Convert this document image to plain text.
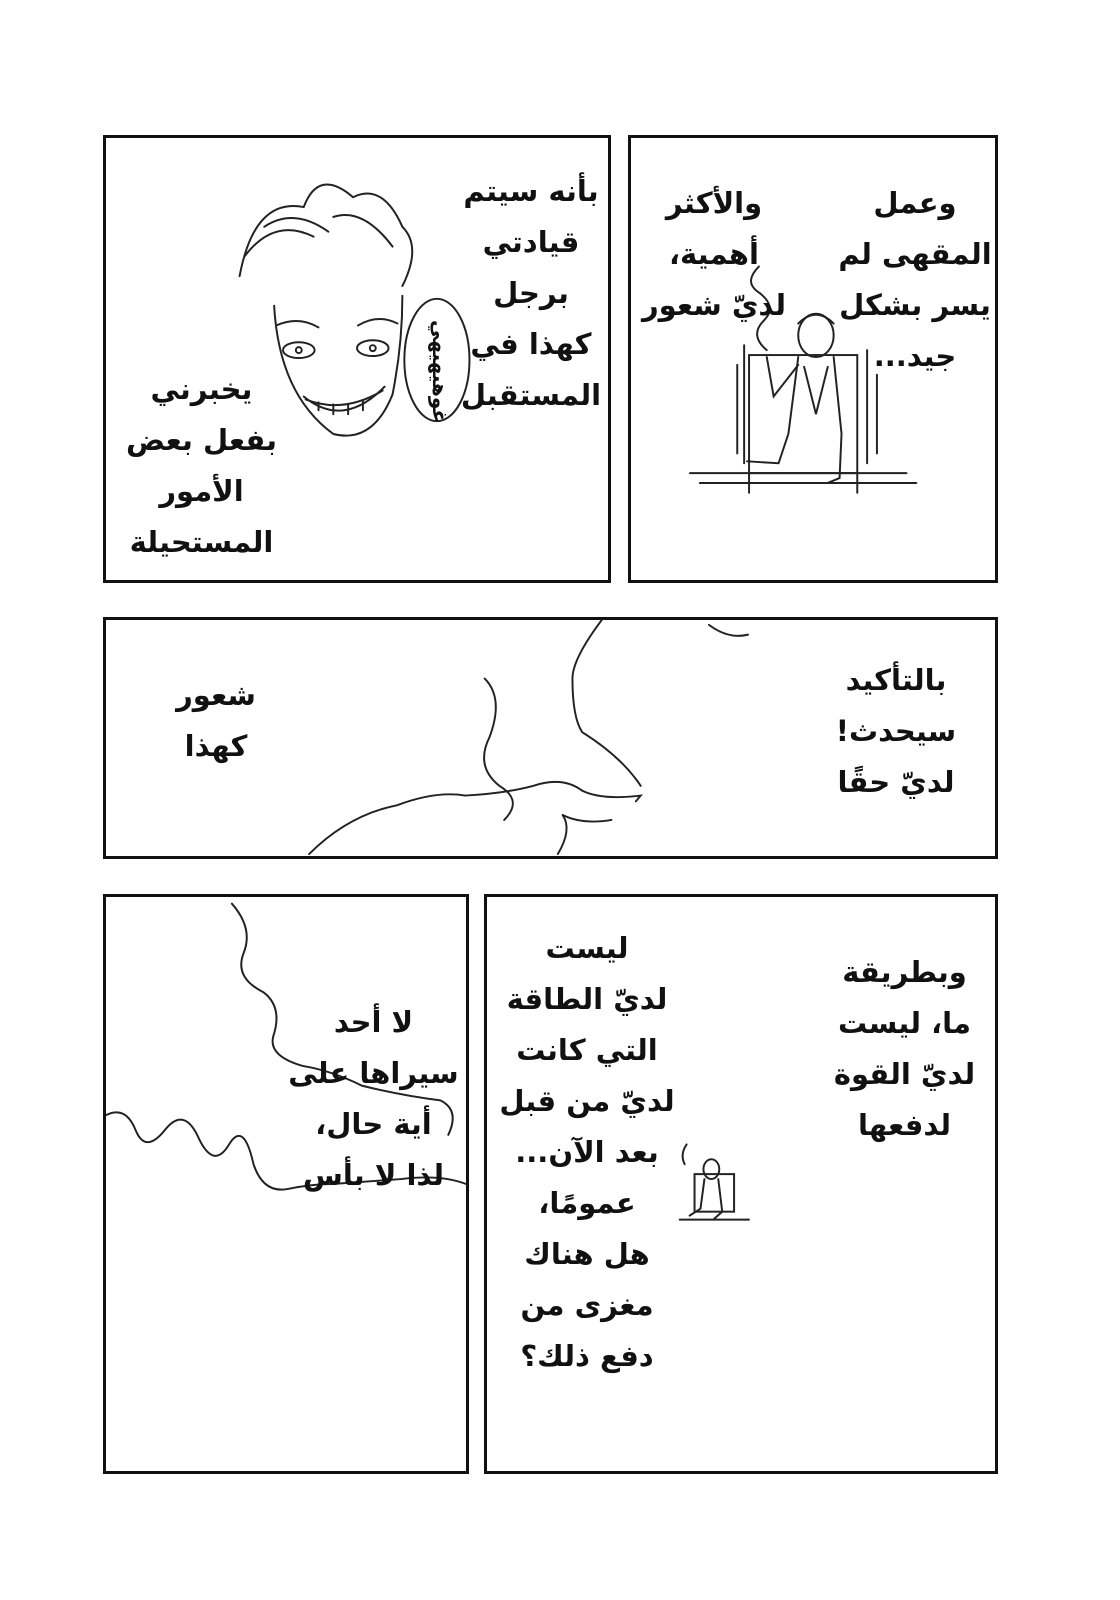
والأكثر
أهمية،
لديّ شعور
وعمل
المقهى لم
يسر بشكل
جيد...
غوهيهيهي
بأنه سيتم
قيادتي
برجل
كهذا في
المستقبل
يخبرني
بفعل بعض
الأمور
المستحيلة
شعور
كهذا
بالتأكيد
سيحدث!
لديّ حقًا
ليست
لديّ الطاقة
التي كانت
لديّ من قبل
بعد الآن...
عمومًا،
هل هناك
مغزى من
دفع ذلك؟
وبطريقة
ما، ليست
لديّ القوة
لدفعها
لا أحد
سيراها على
أية حال،
لذا لا بأس
